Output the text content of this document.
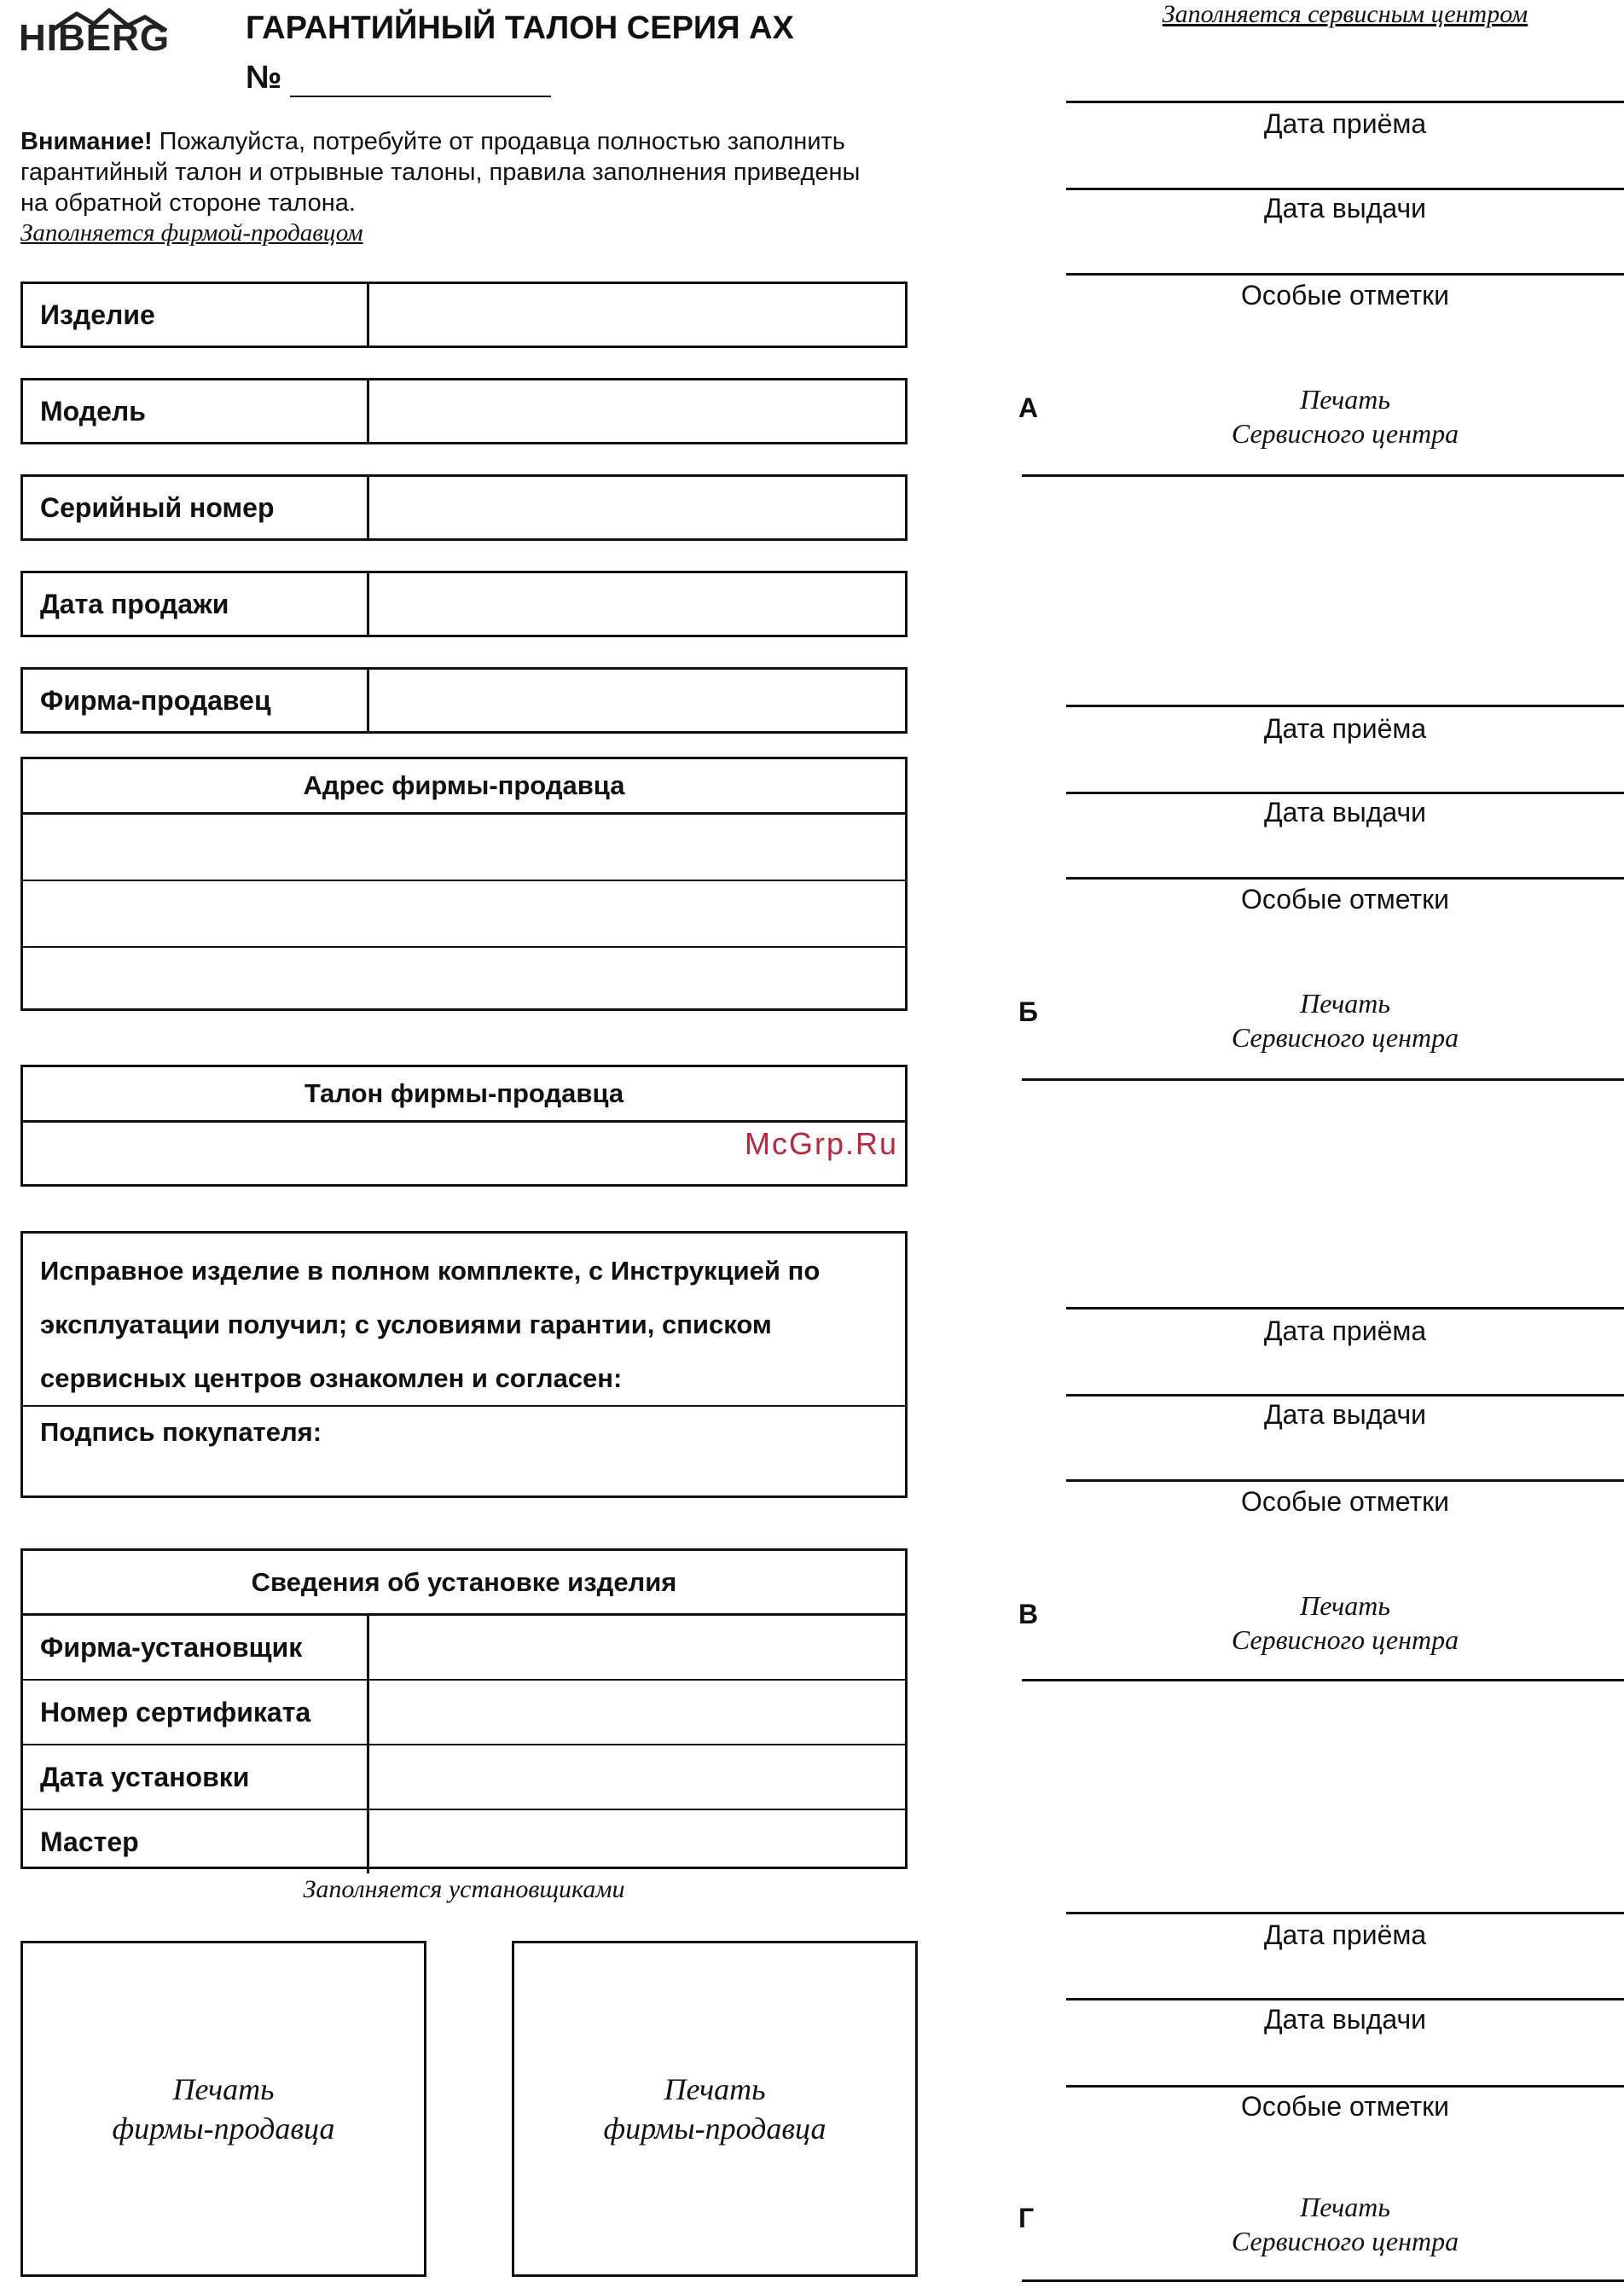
HIBERG ГАРАНТИЙНЫЙ ТАЛОН СЕРИЯ АХ
№
Внимание! Пожалуйста, потребуйте от продавца полностью заполнить гарантийный талон и отрывные талоны, правила заполнения приведены на обратной стороне талона.
Заполняется фирмой-продавцом
Изделие
Модель
Серийный номер
Дата продажи
Фирма-продавец
Адрес фирмы-продавца
Талон фирмы-продавца
McGrp.Ru
Исправное изделие в полном комплекте, с Инструкцией по эксплуатации получил; с условиями гарантии, списком сервисных центров ознакомлен и согласен:
Подпись покупателя:
Сведения об установке изделия
Фирма-установщик
Номер сертификата
Дата установки
Мастер
Заполняется установщиками
Печать
фирмы-продавца
Печать
фирмы-продавца
Заполняется сервисным центром
Дата приёма
Дата выдачи
Особые отметки
А	Печать
Сервисного центра
Дата приёма
Дата выдачи
Особые отметки
Б	Печать
Сервисного центра
Дата приёма
Дата выдачи
Особые отметки
В	Печать
Сервисного центра
Дата приёма
Дата выдачи
Особые отметки
Г	Печать
Сервисного центра
